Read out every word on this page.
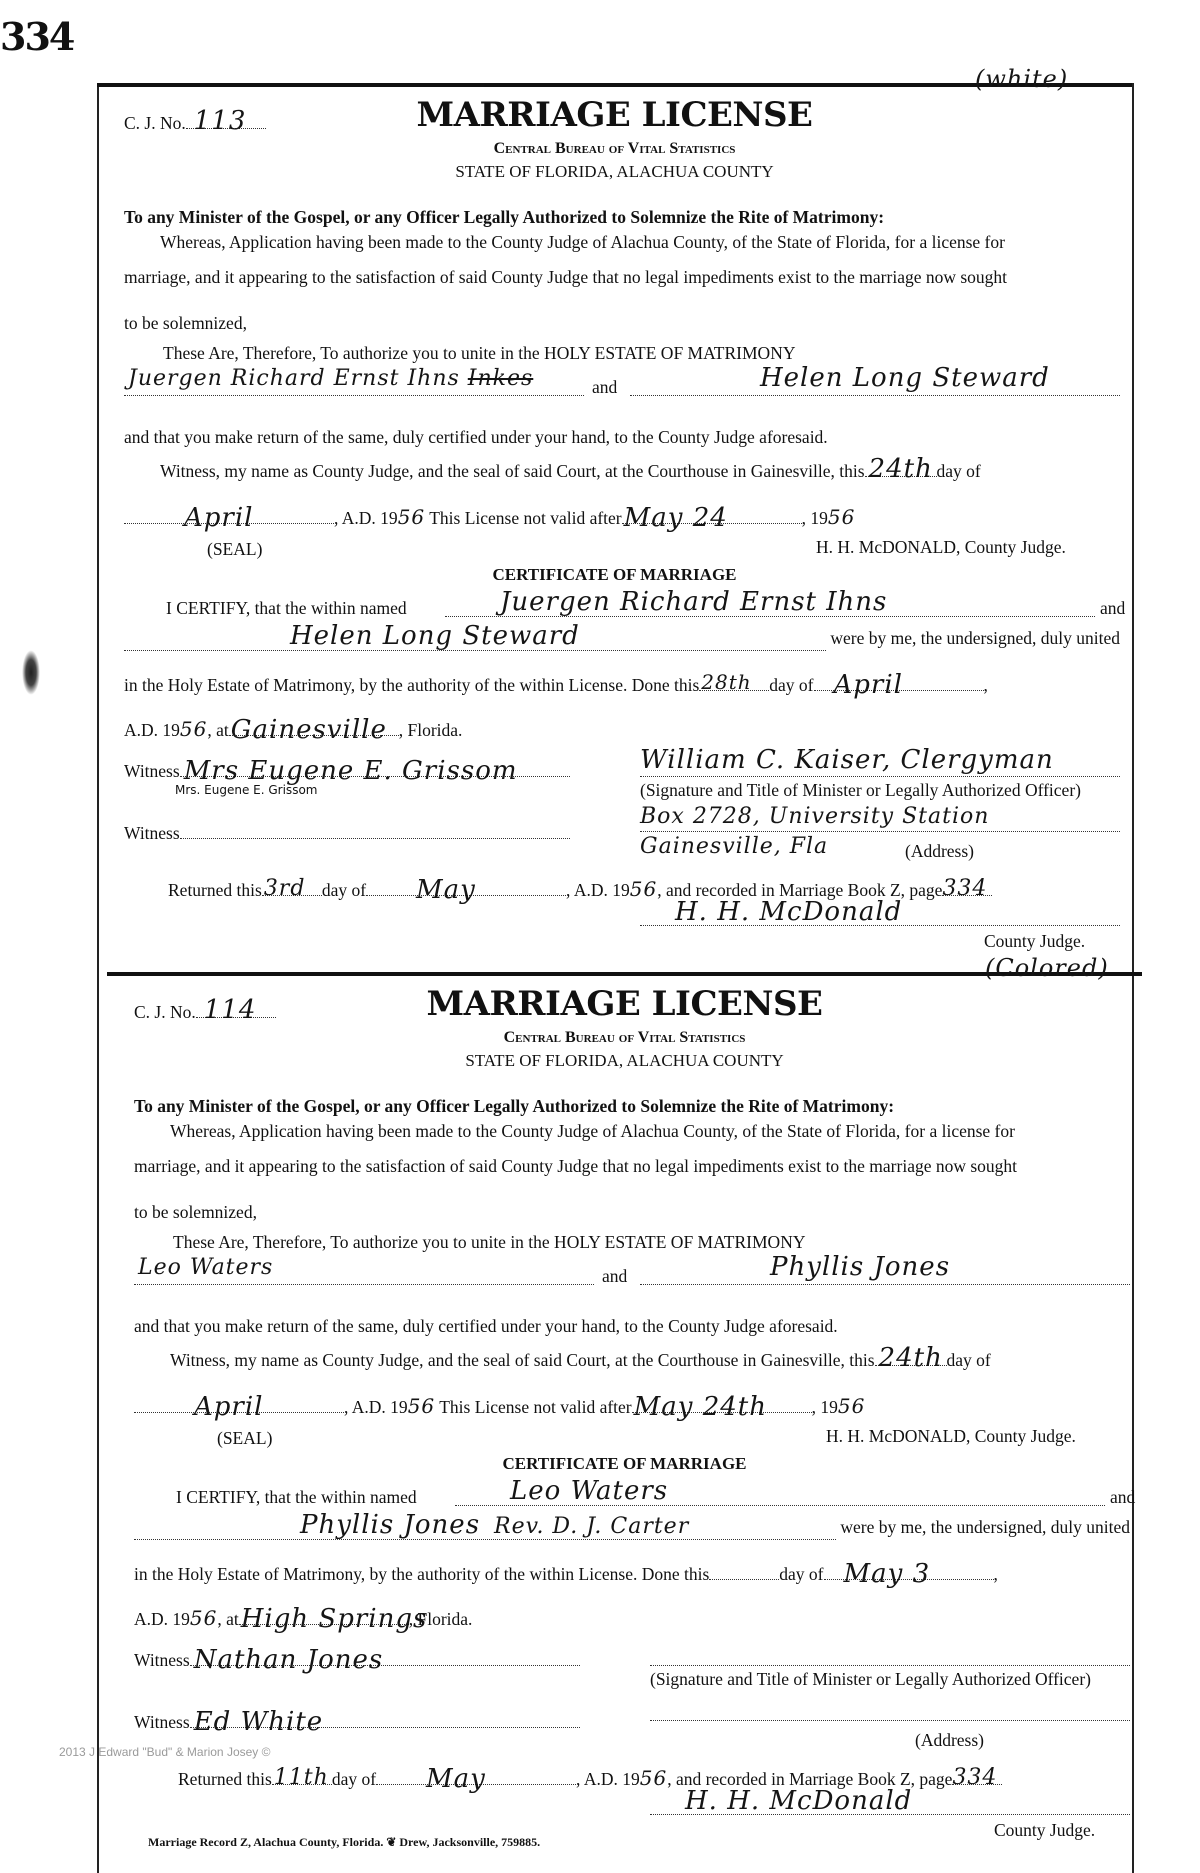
334
(white)
C. J. No. 113	MARRIAGE LICENSE
Central Bureau of Vital Statistics
STATE OF FLORIDA, ALACHUA COUNTY
To any Minister of the Gospel, or any Officer Legally Authorized to Solemnize the Rite of Matrimony:
Whereas, Application having been made to the County Judge of Alachua County, of the State of Florida, for a license for
marriage, and it appearing to the satisfaction of said County Judge that no legal impediments exist to the marriage now sought
to be solemnized,
These Are, Therefore, To authorize you to unite in the HOLY ESTATE OF MATRIMONY
Juergen Richard Ernst Ihns Inkes	and	Helen Long Steward
and that you make return of the same, duly certified under your hand, to the County Judge aforesaid.
Witness, my name as County Judge, and the seal of said Court, at the Courthouse in Gainesville, this 24th day of
April	, A.D. 1956 This License not valid after May 24	, 1956
(SEAL)	H. H. McDONALD, County Judge.
CERTIFICATE OF MARRIAGE
I CERTIFY, that the within named	Juergen Richard Ernst Ihns	and
Helen Long Steward	were by me, the undersigned, duly united
in the Holy Estate of Matrimony, by the authority of the within License. Done this 28th day of April	,
A.D. 1956, at Gainesville , Florida.
Witness Mrs Eugene E. Grissom
Mrs. Eugene E. Grissom
William C. Kaiser, Clergyman
(Signature and Title of Minister or Legally Authorized Officer)
Witness
Box 2728, University Station
Gainesville, Fla	(Address)
Returned this 3rd day of May	, A.D. 1956, and recorded in Marriage Book Z, page 334
H. H. McDonald
County Judge.
(Colored)
C. J. No. 114	MARRIAGE LICENSE
Central Bureau of Vital Statistics
STATE OF FLORIDA, ALACHUA COUNTY
To any Minister of the Gospel, or any Officer Legally Authorized to Solemnize the Rite of Matrimony:
Whereas, Application having been made to the County Judge of Alachua County, of the State of Florida, for a license for
marriage, and it appearing to the satisfaction of said County Judge that no legal impediments exist to the marriage now sought
to be solemnized,
These Are, Therefore, To authorize you to unite in the HOLY ESTATE OF MATRIMONY
Leo Waters	and	Phyllis Jones
and that you make return of the same, duly certified under your hand, to the County Judge aforesaid.
Witness, my name as County Judge, and the seal of said Court, at the Courthouse in Gainesville, this 24th day of
April	, A.D. 1956 This License not valid after May 24th	, 1956
(SEAL)	H. H. McDONALD, County Judge.
CERTIFICATE OF MARRIAGE
I CERTIFY, that the within named	Leo Waters	and
Phyllis Jones Rev. D. J. Carter	were by me, the undersigned, duly united
in the Holy Estate of Matrimony, by the authority of the within License. Done this	day of May 3	,
A.D. 1956, at High Springs
, Florida.
Witness Nathan Jones
(Signature and Title of Minister or Legally Authorized Officer)
Witness Ed White
(Address)
Returned this 11th day of May	, A.D. 1956, and recorded in Marriage Book Z, page 334
H. H. McDonald
County Judge.
2013 J Edward "Bud" & Marion Josey ©
Marriage Record Z, Alachua County, Florida. ❦ Drew, Jacksonville, 759885.
